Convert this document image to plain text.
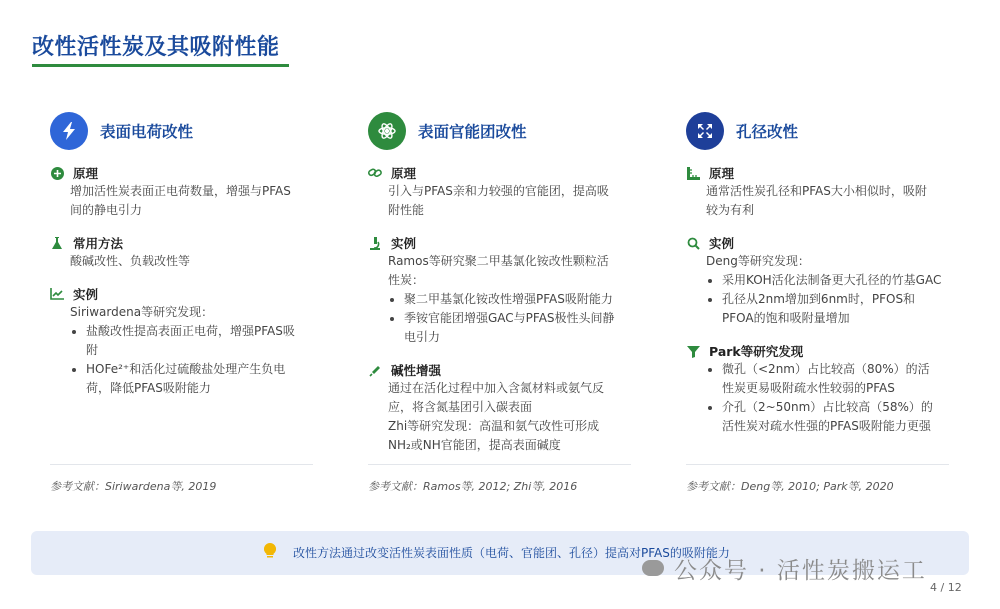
改性活性炭及其吸附性能
表面电荷改性
原理
增加活性炭表面正电荷数量，增强与PFAS
间的静电引力
常用方法
酸碱改性、负载改性等
实例
Siriwardena等研究发现：
• 盐酸改性提高表面正电荷，增强PFAS吸
附
• HOFe²⁺和活化过硫酸盐处理产生负电
荷，降低PFAS吸附能力
表面官能团改性
原理
引入与PFAS亲和力较强的官能团，提高吸
附性能
实例
Ramos等研究聚二甲基氯化铵改性颗粒活
性炭：
• 聚二甲基氯化铵改性增强PFAS吸附能力
• 季铵官能团增强GAC与PFAS极性头间静
电引力
碱性增强
通过在活化过程中加入含氮材料或氨气反
应，将含氮基团引入碳表面
Zhi等研究发现：高温和氨气改性可形成
NH₂或NH官能团，提高表面碱度
孔径改性
原理
通常活性炭孔径和PFAS大小相似时，吸附
较为有利
实例
Deng等研究发现：
• 采用KOH活化法制备更大孔径的竹基GAC
• 孔径从2nm增加到6nm时，PFOS和
PFOA的饱和吸附量增加
Park等研究发现
• 微孔（<2nm）占比较高（80%）的活
性炭更易吸附疏水性较弱的PFAS
• 介孔（2~50nm）占比较高（58%）的
活性炭对疏水性强的PFAS吸附能力更强
参考文献：Siriwardena等, 2019	参考文献：Ramos等, 2012; Zhi等, 2016	参考文献：Deng等, 2010; Park等, 2020
改性方法通过改变活性炭表面性质（电荷、官能团、孔径）提高对PFAS的吸附能力
公众号 · 活性炭搬运工
4 / 12
